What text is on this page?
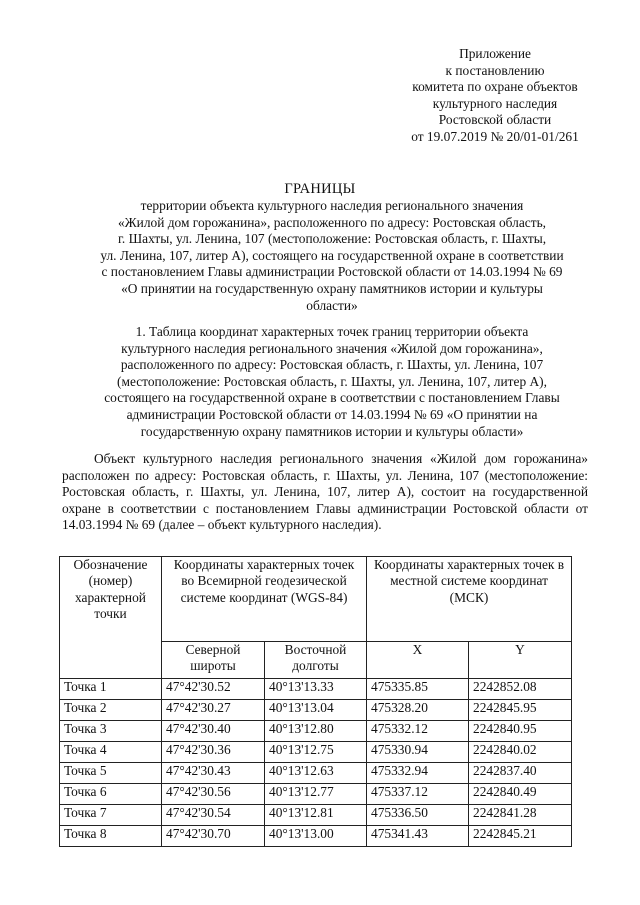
Приложение
к постановлению
комитета по охране объектов
культурного наследия
Ростовской области
от 19.07.2019 № 20/01-01/261
ГРАНИЦЫ
территории объекта культурного наследия регионального значения
«Жилой дом горожанина», расположенного по адресу: Ростовская область,
г. Шахты, ул. Ленина, 107 (местоположение: Ростовская область, г. Шахты,
ул. Ленина, 107, литер А), состоящего на государственной охране в соответствии
с постановлением Главы администрации Ростовской области от 14.03.1994 № 69
«О принятии на государственную охрану памятников истории и культуры
области»
1. Таблица координат характерных точек границ территории объекта
культурного наследия регионального значения «Жилой дом горожанина»,
расположенного по адресу: Ростовская область, г. Шахты, ул. Ленина, 107
(местоположение: Ростовская область, г. Шахты, ул. Ленина, 107, литер А),
состоящего на государственной охране в соответствии с постановлением Главы
администрации Ростовской области от 14.03.1994 № 69 «О принятии на
государственную охрану памятников истории и культуры области»
Объект культурного наследия регионального значения «Жилой дом горожанина» расположен по адресу: Ростовская область, г. Шахты, ул. Ленина, 107 (местоположение: Ростовская область, г. Шахты, ул. Ленина, 107, литер А), состоит на государственной охране в соответствии с постановлением Главы администрации Ростовской области от 14.03.1994 № 69 (далее – объект культурного наследия).
Обозначение (номер) характерной точки	Координаты характерных точек во Всемирной геодезической системе координат (WGS-84)		Координаты характерных точек в местной системе координат (МСК)	
	Северной широты	Восточной долготы	X	Y
Точка 1	47°42'30.52	40°13'13.33	475335.85	2242852.08
Точка 2	47°42'30.27	40°13'13.04	475328.20	2242845.95
Точка 3	47°42'30.40	40°13'12.80	475332.12	2242840.95
Точка 4	47°42'30.36	40°13'12.75	475330.94	2242840.02
Точка 5	47°42'30.43	40°13'12.63	475332.94	2242837.40
Точка 6	47°42'30.56	40°13'12.77	475337.12	2242840.49
Точка 7	47°42'30.54	40°13'12.81	475336.50	2242841.28
Точка 8	47°42'30.70	40°13'13.00	475341.43	2242845.21
